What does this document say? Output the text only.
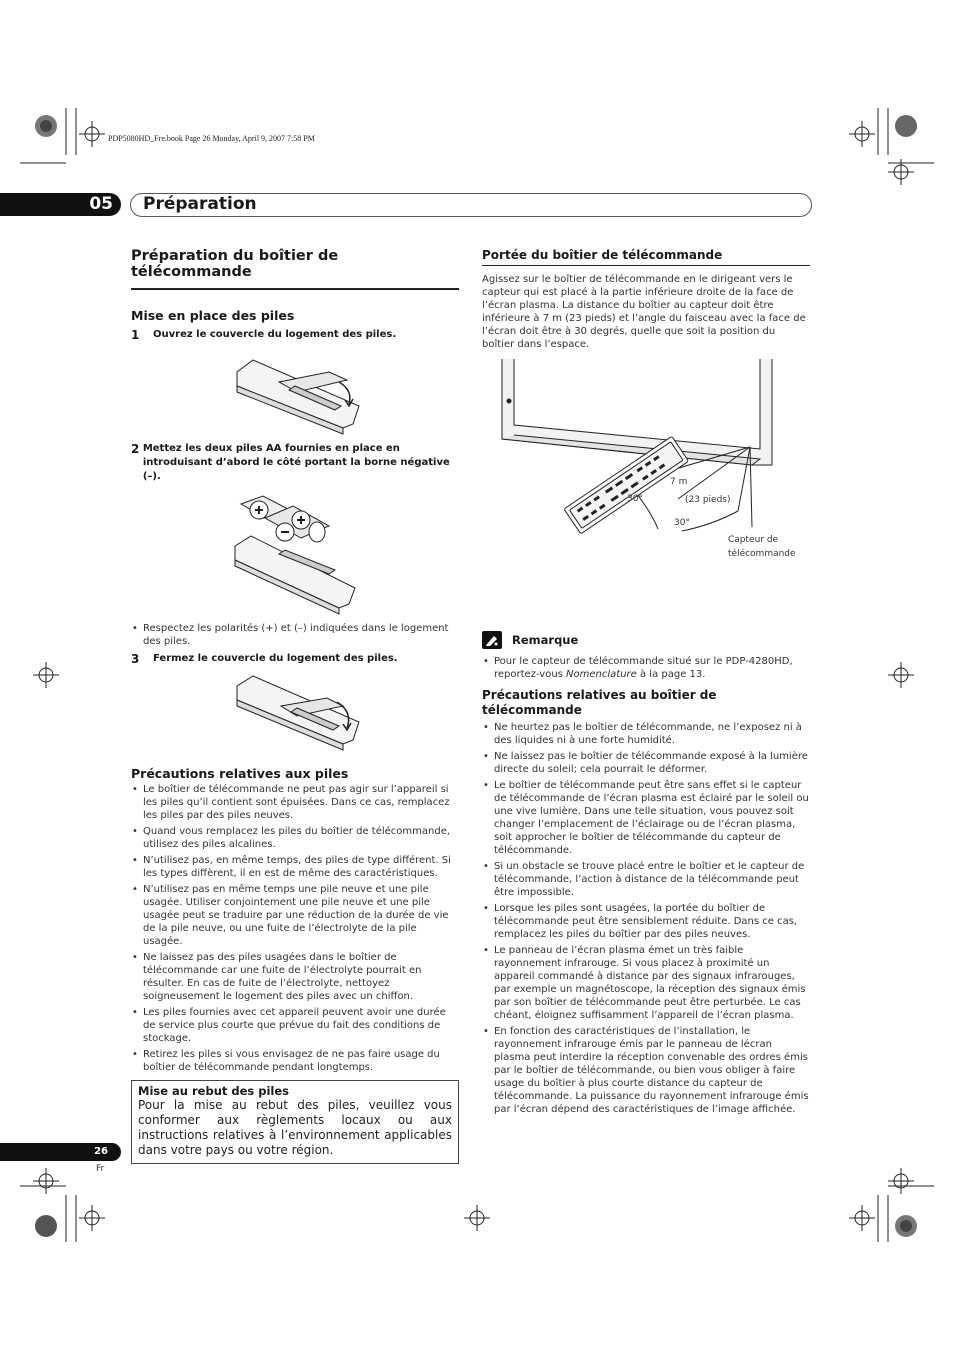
PDP5080HD_Fre.book Page 26 Monday, April 9, 2007 7:58 PM
05 Préparation
Préparation du boîtier de télécommande
Mise en place des piles
1	Ouvrez le couvercle du logement des piles.
2 Mettez les deux piles AA fournies en place en introduisant d’abord le côté portant la borne négative (–).
• Respectez les polarités (+) et (–) indiquées dans le logement des piles.
3	Fermez le couvercle du logement des piles.
Précautions relatives aux piles
• Le boîtier de télécommande ne peut pas agir sur l’appareil si les piles qu’il contient sont épuisées. Dans ce cas, remplacez les piles par des piles neuves.
• Quand vous remplacez les piles du boîtier de télécommande, utilisez des piles alcalines.
• N’utilisez pas, en même temps, des piles de type différent. Si les types diffèrent, il en est de même des caractéristiques.
• N’utilisez pas en même temps une pile neuve et une pile usagée. Utiliser conjointement une pile neuve et une pile usagée peut se traduire par une réduction de la durée de vie de la pile neuve, ou une fuite de l’électrolyte de la pile usagée.
• Ne laissez pas des piles usagées dans le boîtier de télécommande car une fuite de l’électrolyte pourrait en résulter. En cas de fuite de l’électrolyte, nettoyez soigneusement le logement des piles avec un chiffon.
• Les piles fournies avec cet appareil peuvent avoir une durée de service plus courte que prévue du fait des conditions de stockage.
• Retirez les piles si vous envisagez de ne pas faire usage du boîtier de télécommande pendant longtemps.
Mise au rebut des piles
Pour la mise au rebut des piles, veuillez vous conformer aux règlements locaux ou aux instructions relatives à l’environnement applicables dans votre pays ou votre région.
Portée du boîtier de télécommande

Agissez sur le boîtier de télécommande en le dirigeant vers le capteur qui est placé à la partie inférieure droite de la face de l’écran plasma. La distance du boîtier au capteur doit être inférieure à 7 m (23 pieds) et l’angle du faisceau avec la face de l’écran doit être à 30 degrés, quelle que soit la position du boîtier dans l’espace.

7 m
(23 pieds)
30°
30°
Capteur de
télécommande
Remarque
• Pour le capteur de télécommande situé sur le PDP-4280HD, reportez-vous Nomenclature à la page 13.
Précautions relatives au boîtier de télécommande
• Ne heurtez pas le boîtier de télécommande, ne l’exposez ni à des liquides ni à une forte humidité.
• Ne laissez pas le boîtier de télécommande exposé à la lumière directe du soleil; cela pourrait le déformer.
• Le boîtier de télécommande peut être sans effet si le capteur de télécommande de l’écran plasma est éclairé par le soleil ou une vive lumière. Dans une telle situation, vous pouvez soit changer l’emplacement de l’éclairage ou de l’écran plasma, soit approcher le boîtier de télécommande du capteur de télécommande.
• Si un obstacle se trouve placé entre le boîtier et le capteur de télécommande, l’action à distance de la télécommande peut être impossible.
• Lorsque les piles sont usagées, la portée du boîtier de télécommande peut être sensiblement réduite. Dans ce cas, remplacez les piles du boîtier par des piles neuves.
• Le panneau de l’écran plasma émet un très faible rayonnement infrarouge. Si vous placez à proximité un appareil commandé à distance par des signaux infrarouges, par exemple un magnétoscope, la réception des signaux émis par son boîtier de télécommande peut être perturbée. Le cas chéant, éloignez suffisamment l’appareil de l’écran plasma.
• En fonction des caractéristiques de l’installation, le rayonnement infrarouge émis par le panneau de lécran plasma peut interdire la réception convenable des ordres émis par le boîtier de télécommande, ou bien vous obliger à faire usage du boîtier à plus courte distance du capteur de télécommande. La puissance du rayonnement infrarouge émis par l’écran dépend des caractéristiques de l’image affichée.
26
Fr
